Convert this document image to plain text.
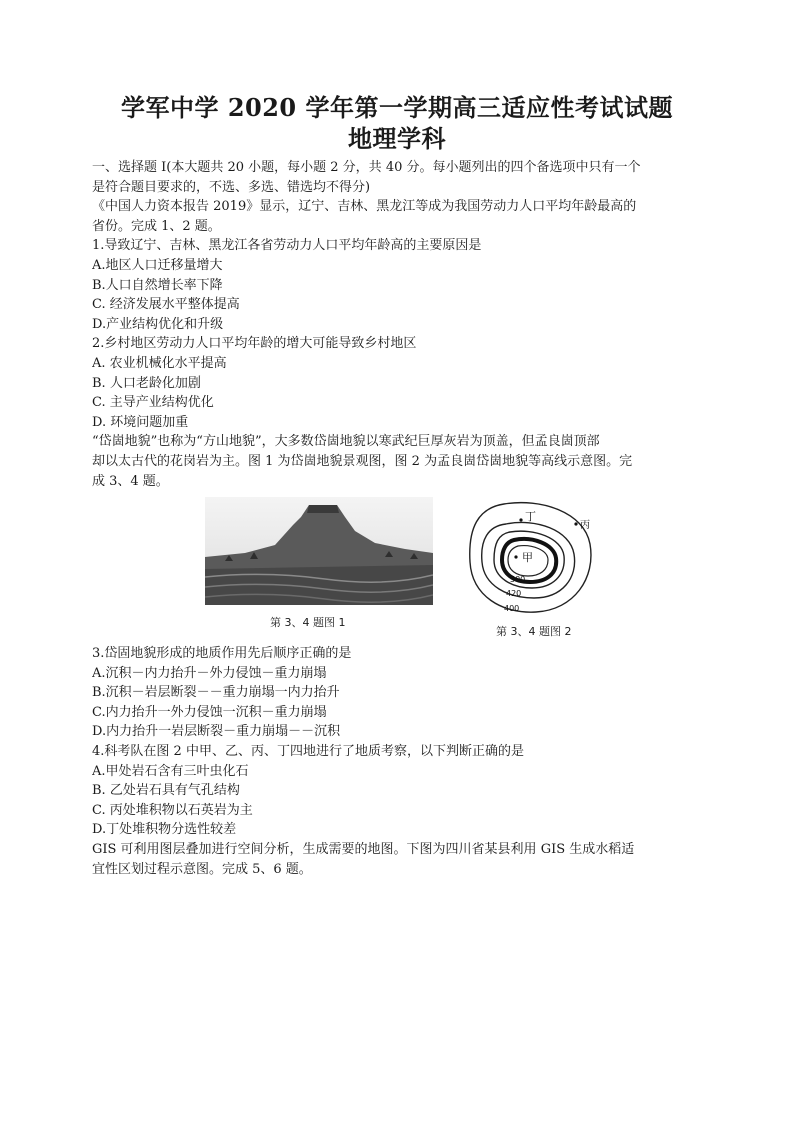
学军中学 2020 学年第一学期高三适应性考试试题
地理学科

一、选择题 I(本大题共 20 小题，每小题 2 分，共 40 分。每小题列出的四个备选项中只有一个

是符合题目要求的，不选、多选、错选均不得分)

《中国人力资本报告 2019》显示，辽宁、吉林、黑龙江等成为我国劳动力人口平均年龄最高的

省份。完成 1、2 题。

1.导致辽宁、吉林、黑龙江各省劳动力人口平均年龄高的主要原因是

A.地区人口迁移量增大

B.人口自然增长率下降

C. 经济发展水平整体提高

D.产业结构优化和升级

2.乡村地区劳动力人口平均年龄的增大可能导致乡村地区

A. 农业机械化水平提高

B. 人口老龄化加剧

C. 主导产业结构优化

D. 环境问题加重

“岱崮地貌”也称为“方山地貌”，大多数岱崮地貌以寒武纪巨厚灰岩为顶盖，但孟良崮顶部

却以太古代的花岗岩为主。图 1 为岱崮地貌景观图，图 2 为孟良崮岱崮地貌等高线示意图。完

成 3、4 题。

第 3、4 题图 1
甲
丁
丙
500
420
400
第 3、4 题图 2

3.岱固地貌形成的地质作用先后顺序正确的是

A.沉积－内力抬升－外力侵蚀－重力崩塌

B.沉积－岩层断裂－－重力崩塌一内力抬升

C.内力抬升一外力侵蚀一沉积－重力崩塌

D.内力抬升一岩层断裂－重力崩塌－－沉积

4.科考队在图 2 中甲、乙、丙、丁四地进行了地质考察，以下判断正确的是

A.甲处岩石含有三叶虫化石

B. 乙处岩石具有气孔结构

C. 丙处堆积物以石英岩为主

D.丁处堆积物分选性较差

GIS 可利用图层叠加进行空间分析，生成需要的地图。下图为四川省某县利用 GIS 生成水稻适

宜性区划过程示意图。完成 5、6 题。
